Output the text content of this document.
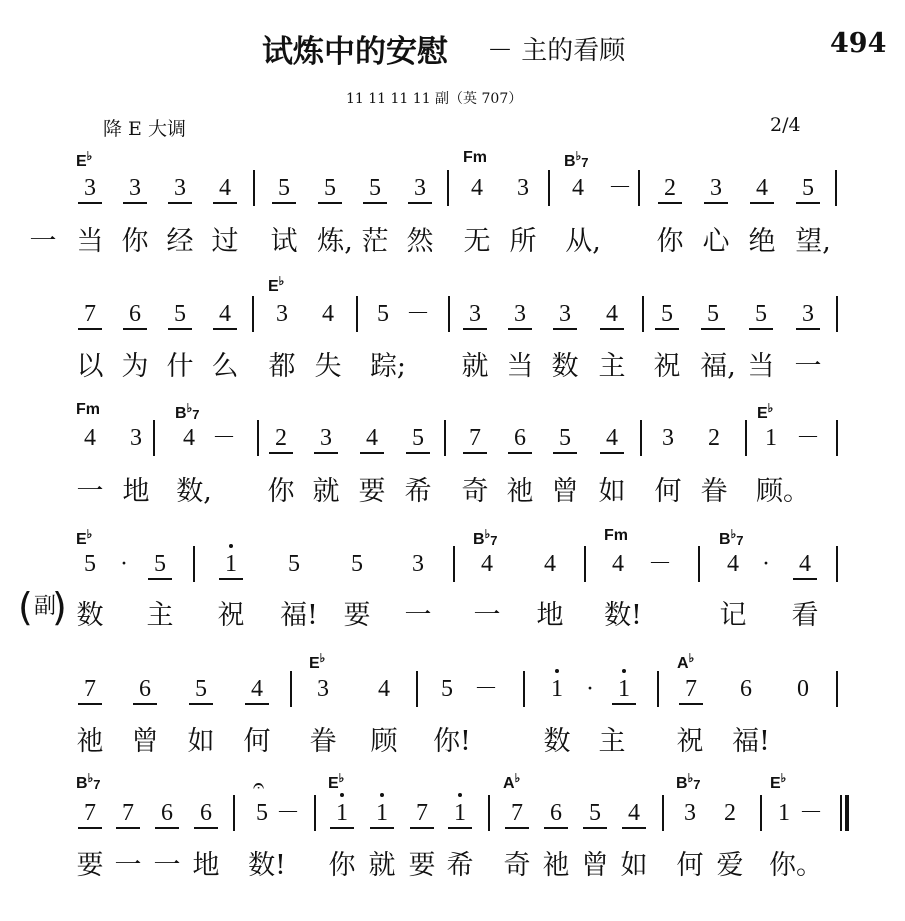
试炼中的安慰 － 主的看顾	494
11 11 11 11 副（英 707）
降 E 大调	2/4
( 副
)
E♭	Fm	$B^♭_7$
3 3 3 4 5 5 5 3 4 3 4 － 2 3 4 5
一 当 你 经 过 试 炼, 茫 然 无 所 从, 你 心 绝 望,
E♭
7 6 5 4 3 4 5 － 3 3 3 4 5 5 5 3
以 为 什 么 都 失 踪; 就 当 数 主 祝 福, 当 一
Fm	$B^♭_7$	E♭
4 3 4 － 2 3 4 5 7 6 5 4 3 2 1 －
一 地 数, 你 就 要 希 奇 祂 曾 如 何 眷 顾。
E♭	$B^♭_7$	Fm	$B^♭_7$
5	·	5 1 5 5 3 4 4 4 － 4 ·	4
数 主 祝 福! 要 一 一 地 数!	记 看
E♭	A♭
7 6 5 4 3 4 5 － 1 ·	1 7 6 0
祂 曾 如 何 眷 顾 你!	数 主 祝 福!
$B^♭_7$	E♭	A♭	$B^♭_7$	E♭
7 7 6 6 5
𝄐
－ 1 1 7 1 7 6 5 4 3 2 1 －
要 一 一 地 数! 你 就 要 希 奇 祂 曾 如 何 爱 你。
